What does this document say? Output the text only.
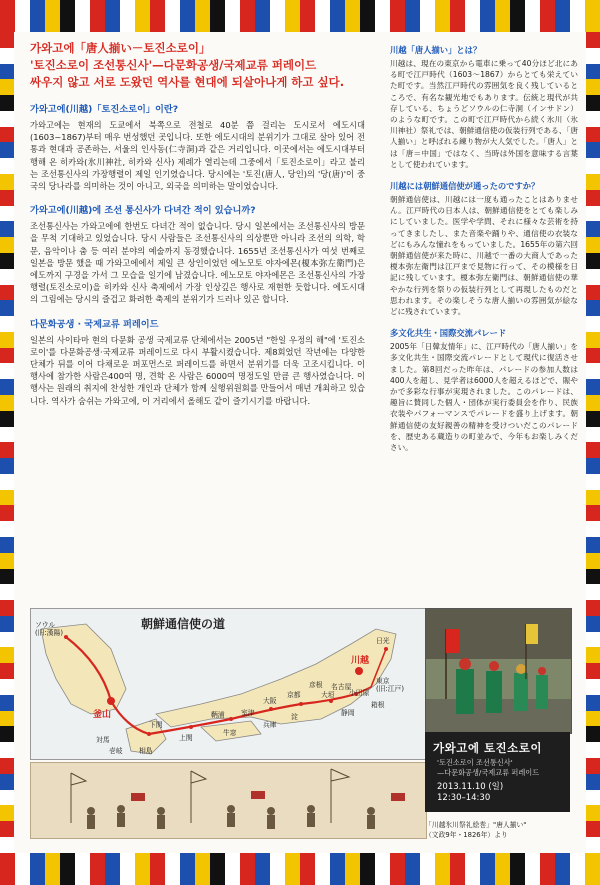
가와고에「唐人揃い－토진소로이」

'토진소로이 조선통신사'—다문화공생/국제교류 퍼레이드

싸우지 않고 서로 도왔던 역사를 현대에 되살아나게 하고 싶다.

가와고에(川越)「토진소로이」이란?

가와고에는 현재의 도쿄에서 북쪽으로 전철로 40분 쯤 걸리는 도시로서 에도시대(1603~1867)부터 매우 번성했던 곳입니다. 또한 에도시대의 분위기가 그대로 살아 있어 전통과 현대과 공존하는, 서울의 인사동(仁寺洞)과 같은 거리입니다. 이곳에서는 에도시대부터 행해 온 히카와(氷川神社, 히카와 신사) 제례가 열리는데 그중에서「토진소로이」라고 불리는 조선통신사의 가장행렬이 제일 인기였습니다. 당시에는 '토진(唐人, 당인)의 '당(唐)'이 중국의 당나라를 의미하는 것이 아니고, 외국을 의미하는 말이었습니다.

가와고에(川越)에 조선 통신사가 다녀간 적이 있습니까?

조선통신사는 가와고에에 한번도 다녀간 적이 없습니다. 당시 일본에서는 조선통신사의 방문을 무척 기대하고 있었습니다. 당시 사람들은 조선통신사의 의상뿐만 아니라 조선의 의학, 학문, 음악이나 춤 등 여러 분야의 예술까지 동경했습니다. 1655년 조선통신사가 여섯 번째로 일본을 방문 했을 때 가와고에에서 제일 큰 상인이었던 에노모토 야자에몬(榎本弥左衛門)은 에도까지 구경을 가서 그 모습을 일기에 남겼습니다. 에노모토 야자에몬은 조선통신사의 가장 행렬(토진소로이)을 히카와 신사 축제에서 가장 인상깊은 행사로 재현한 듯합니다. 에도시대의 그림에는 당시의 즐겁고 화려한 축제의 분위기가 드러나 있곤 합니다.

다문화공생 · 국제교류 퍼레이드

일본의 사이타마 현의 다문화 공생 국제교류 단체에서는 2005년 "한일 우정의 해"에 '토진소로이'를 다문화공생·국제교류 퍼레이드로 다시 부활시켰습니다. 제8회었던 작년에는 다양한 단체가 뒤를 이어 다채로운 퍼포먼스로 퍼레이드를 하면서 분위기를 더욱 고조시킵니다. 이 행사에 참가한 사람은400여 명, 견학 온 사람은 6000여 명정도일 만큼 큰 행사였습니다. 이 행사는 원래의 취지에 찬성한 개인과 단체가 함께 실행위원회를 만들어서 매년 개최하고 있습니다. 역사가 숨쉬는 가와고에, 이 거리에서 올해도 같이 즐기시기를 바랍니다.

川越「唐人揃い」とは？

川越は、現在の東京から電車に乗って40分ほど北にある町で江戸時代（1603～1867）からとても栄えていた町です。当然江戸時代の雰囲気を良く残しているところで、有名な観光地でもあります。伝統と現代が共存している、ちょうどソウルの仁寺洞（インサドン）のような町です。この町で江戸時代から続く氷川（氷川神社）祭礼では、朝鮮通信使の仮装行列である、「唐人揃い」と呼ばれる練り物が大人気でした。「唐人」とは「唐＝中国」ではなく、当時は外国を意味する言葉として使われています。

川越には朝鮮通信使が通ったのですか？

朝鮮通信使は、川越には一度も通ったことはありません。江戸時代の日本人は、朝鮮通信使をとても楽しみにしていました。医学や学問、それに様々な芸術を持ってきましたし、また音楽や踊りや、通信使の衣装などにもみんな憧れをもっていました。1655年の第六回朝鮮通信使が来た時に、川越で一番の大商人であった榎本弥左衛門は江戸まで見物に行って、その模様を日記に残しています。榎本弥左衛門は、朝鮮通信使の華やかな行列を祭りの仮装行列として再現したものだと思われます。その楽しそうな唐人揃いの雰囲気が絵などに残されています。

多文化共生・国際交流パレード

2005年「日韓友情年」に、江戸時代の「唐人揃い」を多文化共生・国際交流パレードとして現代に復活させました。第8回だった昨年は、パレードの参加人数は400人を超し、見学者は6000人を超えるほどで、賑やかで多彩な行事が実現されました。このパレードは、趣旨に賛同した個人・団体が実行委員会を作り、民族衣装やパフォーマンスでパレードを盛り上げます。朝鮮通信使の友好親善の精神を受けついだこのパレードを、歴史ある蔵造りの町並みで、今年もお楽しみください。

朝鮮通信使の道
ソウル
(旧:漢陽)
釜山
川越
日光
東京
(旧:江戸)
対馬
壱岐 相島
下関
上関
鞆浦
牛窓
室津
兵庫
大阪
淀
京都
彦根
大垣
名古屋
静岡
箱根
小田原

가와고에 토진소로이

'토진소로이 조선통신사'

—다문화공생/국제교류 퍼레이드

2013.11.10 (일)

12:30–14:30

「川越氷川祭礼絵巻」"唐人揃い"
（文政9年・1826年）より
